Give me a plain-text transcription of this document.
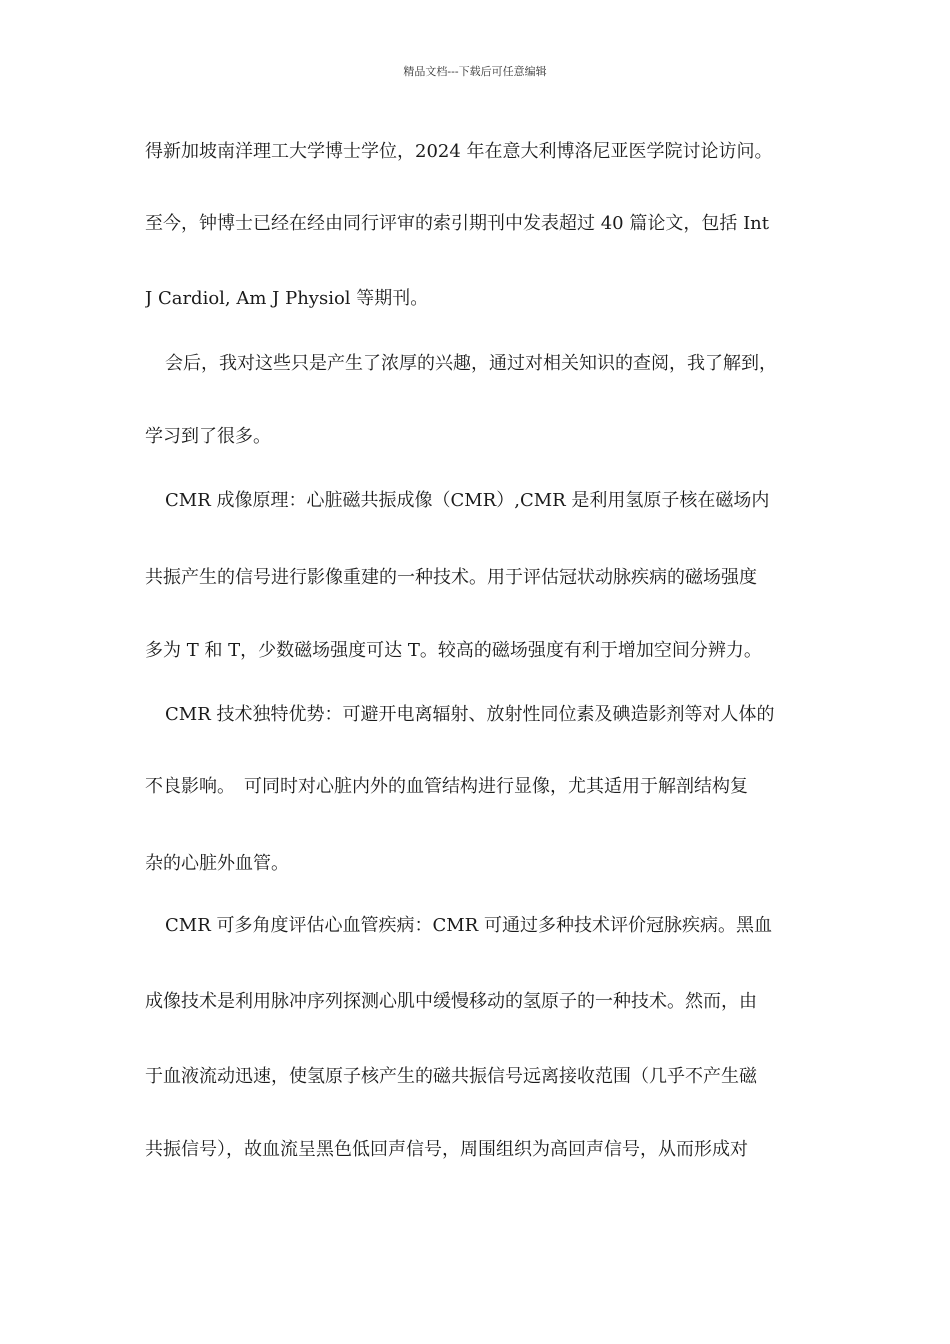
精品文档---下载后可任意编辑
得新加坡南洋理工大学博士学位，2024 年在意大利博洛尼亚医学院讨论访问。
至今，钟博士已经在经由同行评审的索引期刊中发表超过 40 篇论文，包括 Int
J Cardiol, Am J Physiol 等期刊。
会后，我对这些只是产生了浓厚的兴趣，通过对相关知识的查阅，我了解到，
学习到了很多。
CMR 成像原理：心脏磁共振成像（CMR）,CMR 是利用氢原子核在磁场内
共振产生的信号进行影像重建的一种技术。用于评估冠状动脉疾病的磁场强度
多为 T 和 T，少数磁场强度可达 T。较高的磁场强度有利于增加空间分辨力。
CMR 技术独特优势：可避开电离辐射、放射性同位素及碘造影剂等对人体的
不良影响。　可同时对心脏内外的血管结构进行显像，尤其适用于解剖结构复
杂的心脏外血管。
CMR 可多角度评估心血管疾病：CMR 可通过多种技术评价冠脉疾病。黑血
成像技术是利用脉冲序列探测心肌中缓慢移动的氢原子的一种技术。然而，由
于血液流动迅速，使氢原子核产生的磁共振信号远离接收范围（几乎不产生磁
共振信号），故血流呈黑色低回声信号，周围组织为高回声信号，从而形成对
